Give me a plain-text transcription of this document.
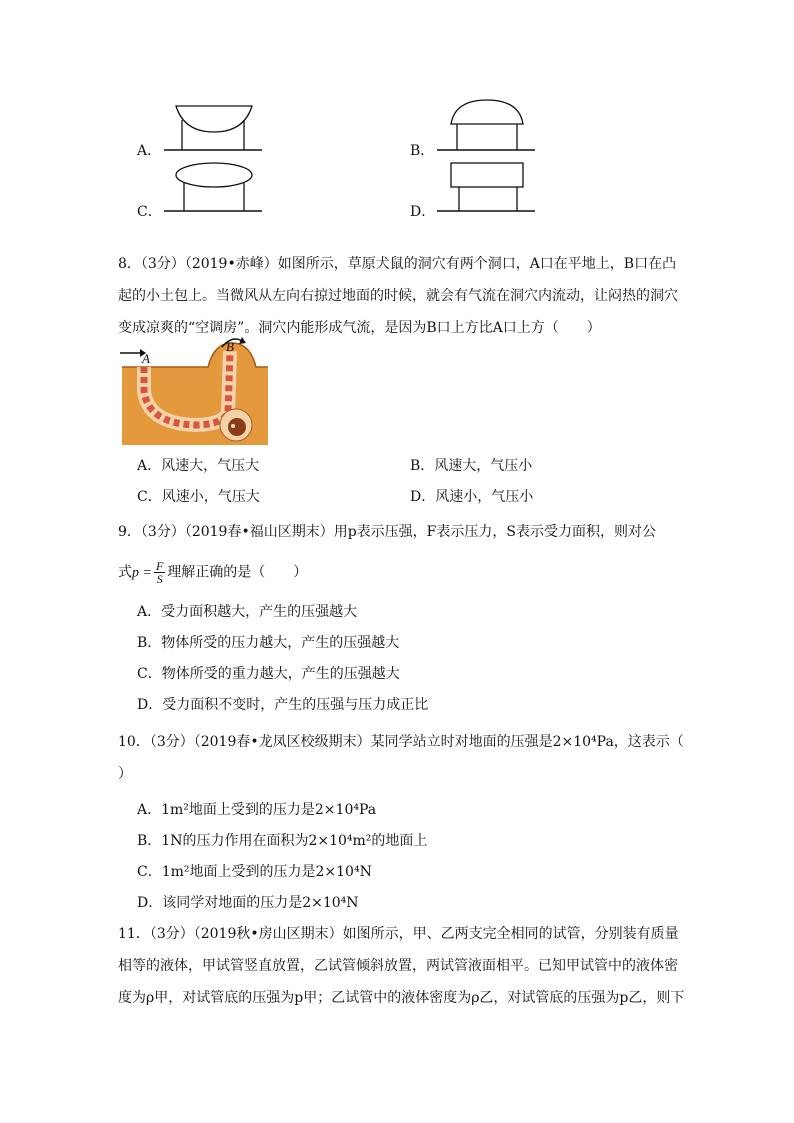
A．	B．
C．	D．
8．（3分）（2019•赤峰）如图所示，草原犬鼠的洞穴有两个洞口，A口在平地上，B口在凸
起的小土包上。当微风从左向右掠过地面的时候，就会有气流在洞穴内流动，让闷热的洞穴
变成凉爽的“空调房”。洞穴内能形成气流，是因为B口上方比A口上方（　　）
A
B
A．风速大，气压大	B．风速大，气压小
C．风速小，气压大	D．风速小，气压小
9．（3分）（2019春•福山区期末）用p表示压强，F表示压力，S表示受力面积，则对公
式$p = \frac{F}{S}$ 理解正确的是（　　）
A．受力面积越大，产生的压强越大
B．物体所受的压力越大，产生的压强越大
C．物体所受的重力越大，产生的压强越大
D．受力面积不变时，产生的压强与压力成正比
10．（3分）（2019春•龙凤区校级期末）某同学站立时对地面的压强是2×10⁴Pa，这表示（
）
A．1m²地面上受到的压力是2×10⁴Pa
B．1N的压力作用在面积为2×10⁴m²的地面上
C．1m²地面上受到的压力是2×10⁴N
D．该同学对地面的压力是2×10⁴N
11．（3分）（2019秋•房山区期末）如图所示，甲、乙两支完全相同的试管，分别装有质量
相等的液体，甲试管竖直放置，乙试管倾斜放置，两试管液面相平。已知甲试管中的液体密
度为ρ甲，对试管底的压强为p甲；乙试管中的液体密度为ρ乙，对试管底的压强为p乙，则下
